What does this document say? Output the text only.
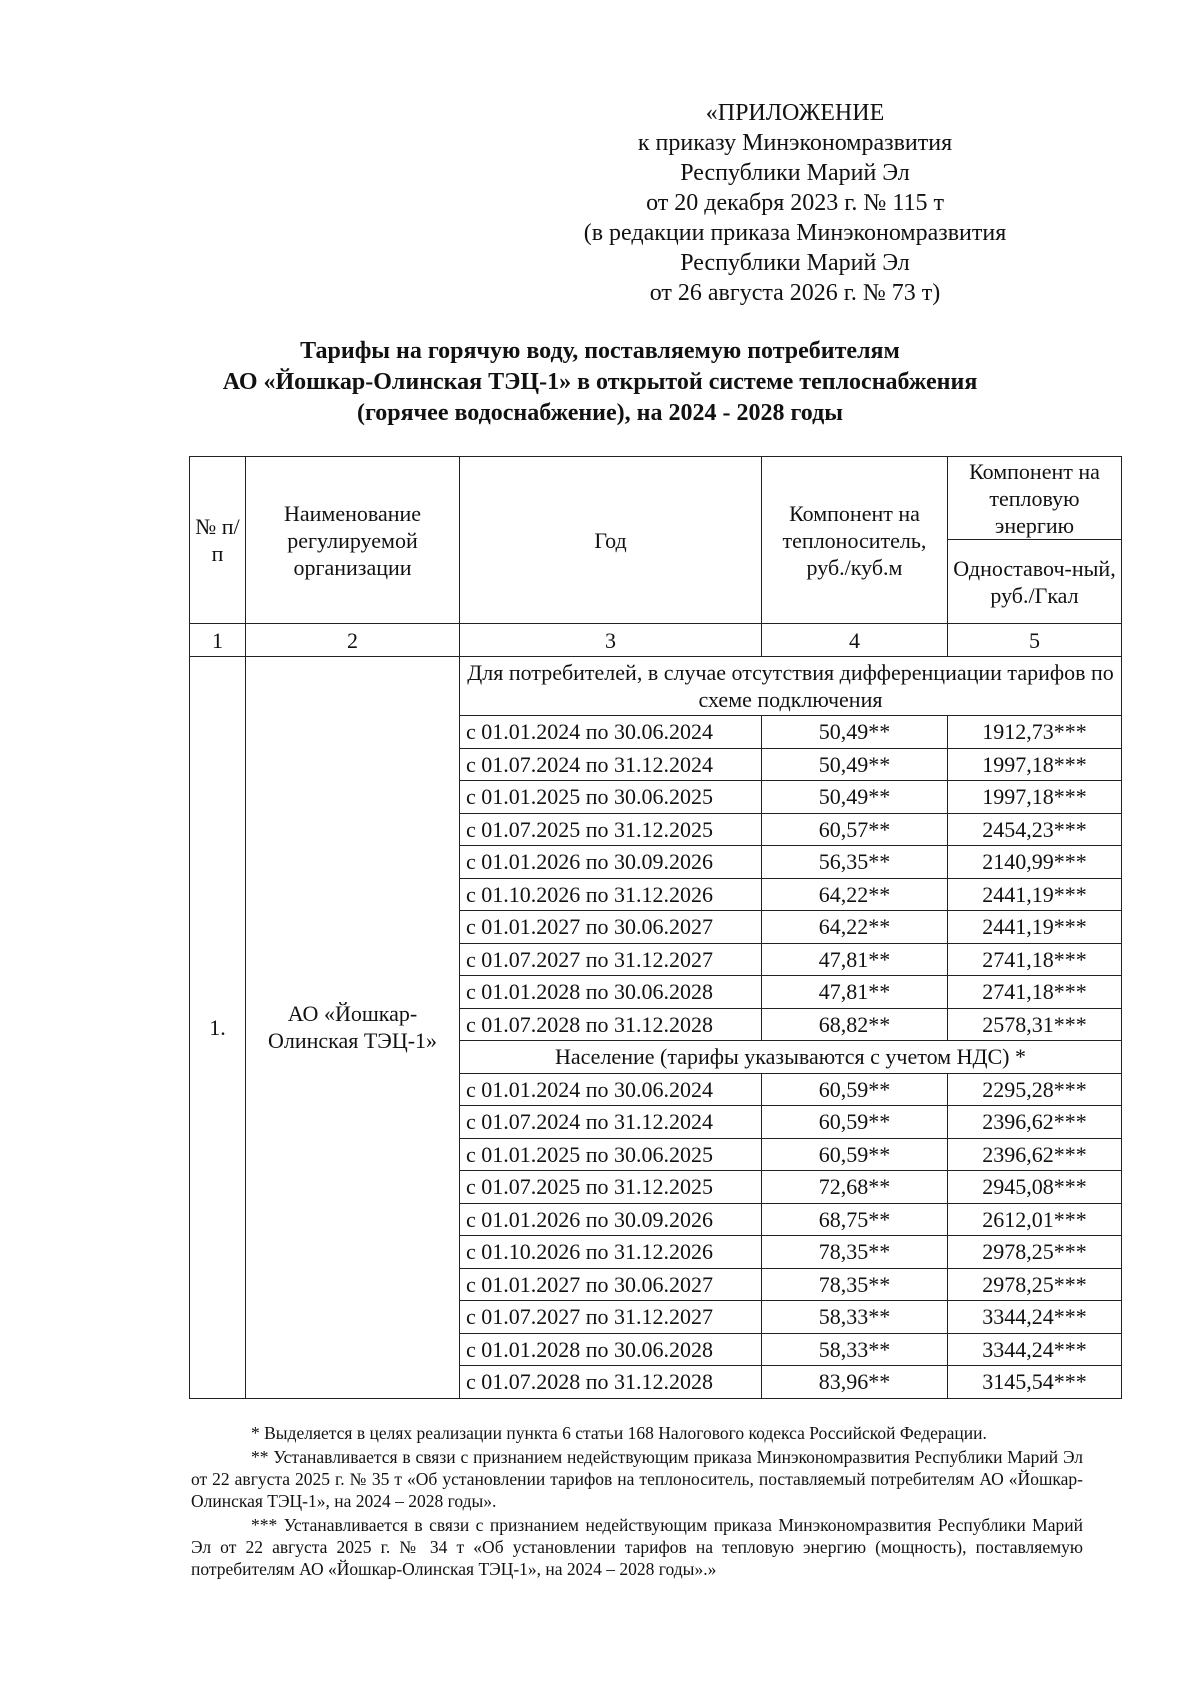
«ПРИЛОЖЕНИЕ
к приказу Минэкономразвития
Республики Марий Эл
от 20 декабря 2023 г. № 115 т
(в редакции приказа Минэкономразвития
Республики Марий Эл
от 26 августа 2026 г. № 73 т)
Тарифы на горячую воду, поставляемую потребителям
АО «Йошкар-Олинская ТЭЦ-1» в открытой системе теплоснабжения
(горячее водоснабжение), на 2024 - 2028 годы
№ п/п	Наименование регулируемой организации	Год	Компонент на теплоноситель, руб./куб.м	Компонент на тепловую энергию
				Одноставоч-ный, руб./Гкал
1	2	3	4	5
1.	АО «Йошкар-Олинская ТЭЦ-1»	Для потребителей, в случае отсутствия дифференциации тарифов по схеме подключения		
		с 01.01.2024 по 30.06.2024	50,49**	1912,73***
		с 01.07.2024 по 31.12.2024	50,49**	1997,18***
		с 01.01.2025 по 30.06.2025	50,49**	1997,18***
		с 01.07.2025 по 31.12.2025	60,57**	2454,23***
		с 01.01.2026 по 30.09.2026	56,35**	2140,99***
		с 01.10.2026 по 31.12.2026	64,22**	2441,19***
		с 01.01.2027 по 30.06.2027	64,22**	2441,19***
		с 01.07.2027 по 31.12.2027	47,81**	2741,18***
		с 01.01.2028 по 30.06.2028	47,81**	2741,18***
		с 01.07.2028 по 31.12.2028	68,82**	2578,31***
		Население (тарифы указываются с учетом НДС) *		
		с 01.01.2024 по 30.06.2024	60,59**	2295,28***
		с 01.07.2024 по 31.12.2024	60,59**	2396,62***
		с 01.01.2025 по 30.06.2025	60,59**	2396,62***
		с 01.07.2025 по 31.12.2025	72,68**	2945,08***
		с 01.01.2026 по 30.09.2026	68,75**	2612,01***
		с 01.10.2026 по 31.12.2026	78,35**	2978,25***
		с 01.01.2027 по 30.06.2027	78,35**	2978,25***
		с 01.07.2027 по 31.12.2027	58,33**	3344,24***
		с 01.01.2028 по 30.06.2028	58,33**	3344,24***
		с 01.07.2028 по 31.12.2028	83,96**	3145,54***

* Выделяется в целях реализации пункта 6 статьи 168 Налогового кодекса Российской Федерации.

** Устанавливается в связи с признанием недействующим приказа Минэкономразвития Республики Марий Эл от 22 августа 2025 г. № 35 т «Об установлении тарифов на теплоноситель, поставляемый потребителям АО «Йошкар-Олинская ТЭЦ-1», на 2024 – 2028 годы».

*** Устанавливается в связи с признанием недействующим приказа Минэкономразвития Республики Марий Эл от 22 августа 2025 г. № 34 т «Об установлении тарифов на тепловую энергию (мощность), поставляемую потребителям АО «Йошкар-Олинская ТЭЦ-1», на 2024 – 2028 годы».»
